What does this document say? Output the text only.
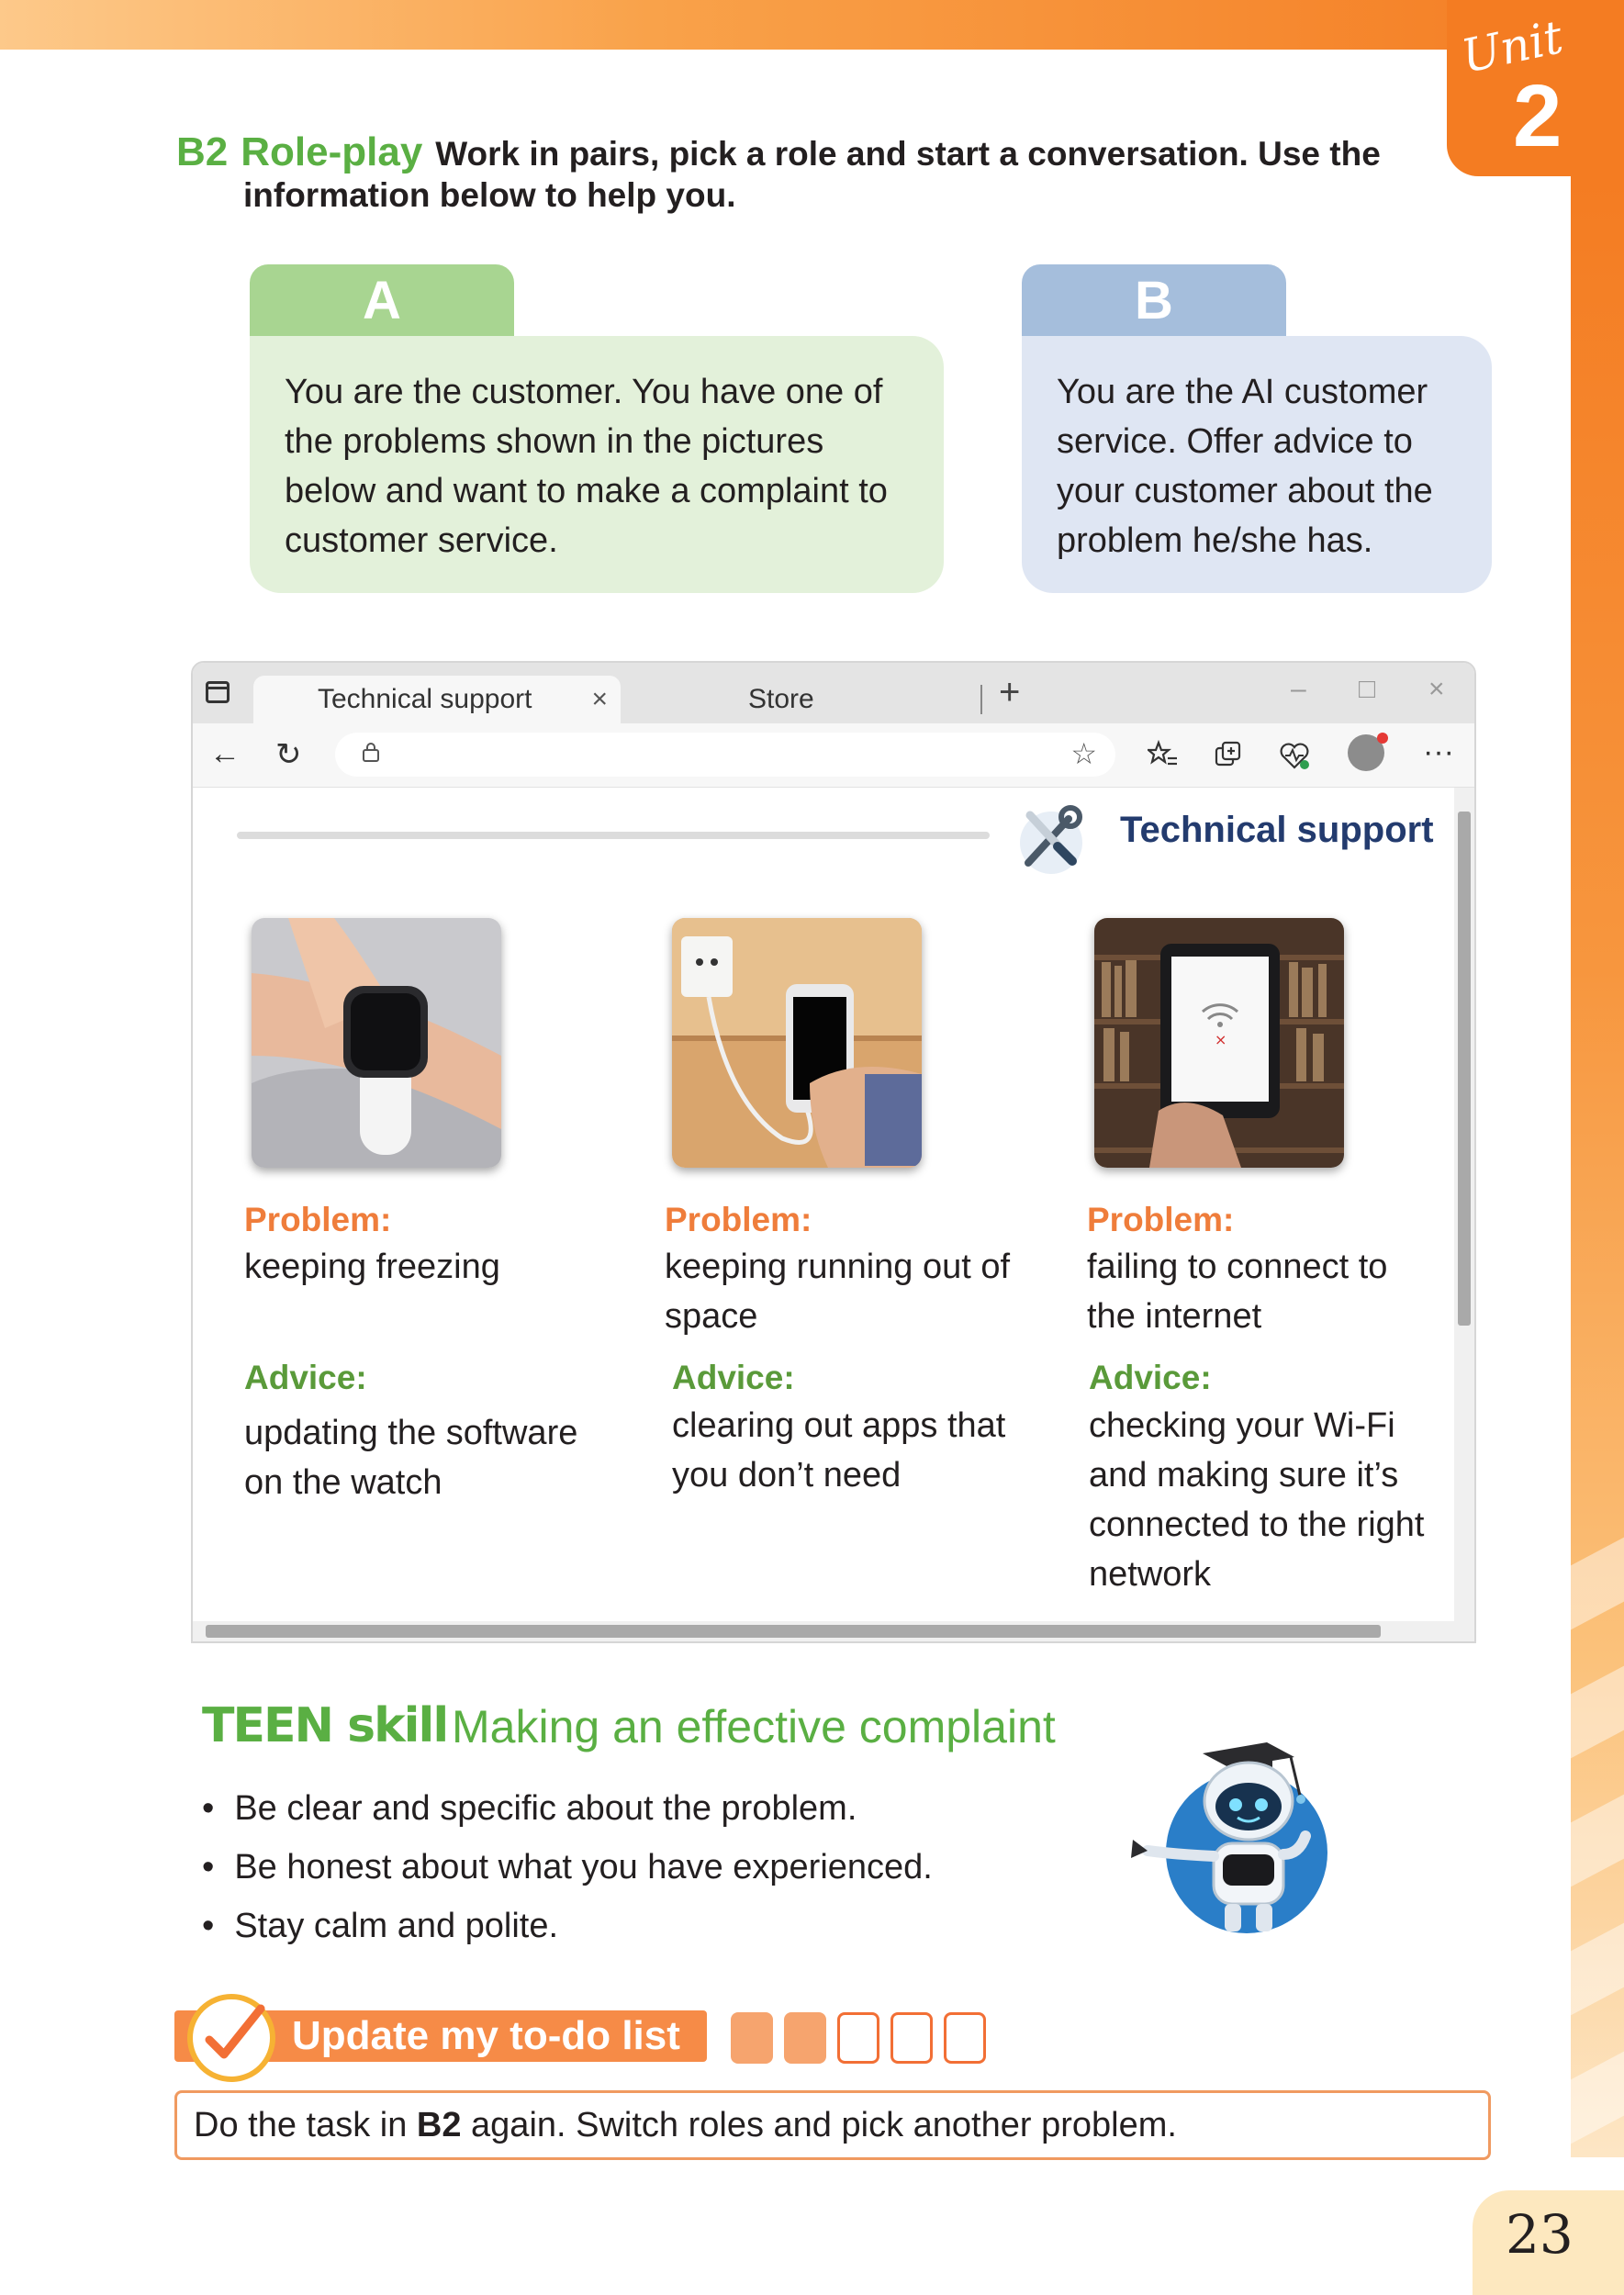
Unit
2
B2 Role-play Work in pairs, pick a role and start a conversation. Use the
information below to help you.
A
You are the customer. You have one of the problems shown in the pictures below and want to make a complaint to customer service.
B
You are the AI customer service. Offer advice to your customer about the problem he/she has.
Technical support ×	Store	+	– □ ×
← ↻	☆	···
Technical support
×
Problem:
keeping freezing
Advice:
updating the software on the watch
Problem:
keeping running out of space
Advice:
clearing out apps that you don’t need
Problem:
failing to connect to the internet
Advice:
checking your Wi-Fi and making sure it’s connected to the right network
TEEN skill Making an effective complaint
• Be clear and specific about the problem.
• Be honest about what you have experienced.
• Stay calm and polite.
Update my to-do list
Do the task in B2 again. Switch roles and pick another problem.
23
